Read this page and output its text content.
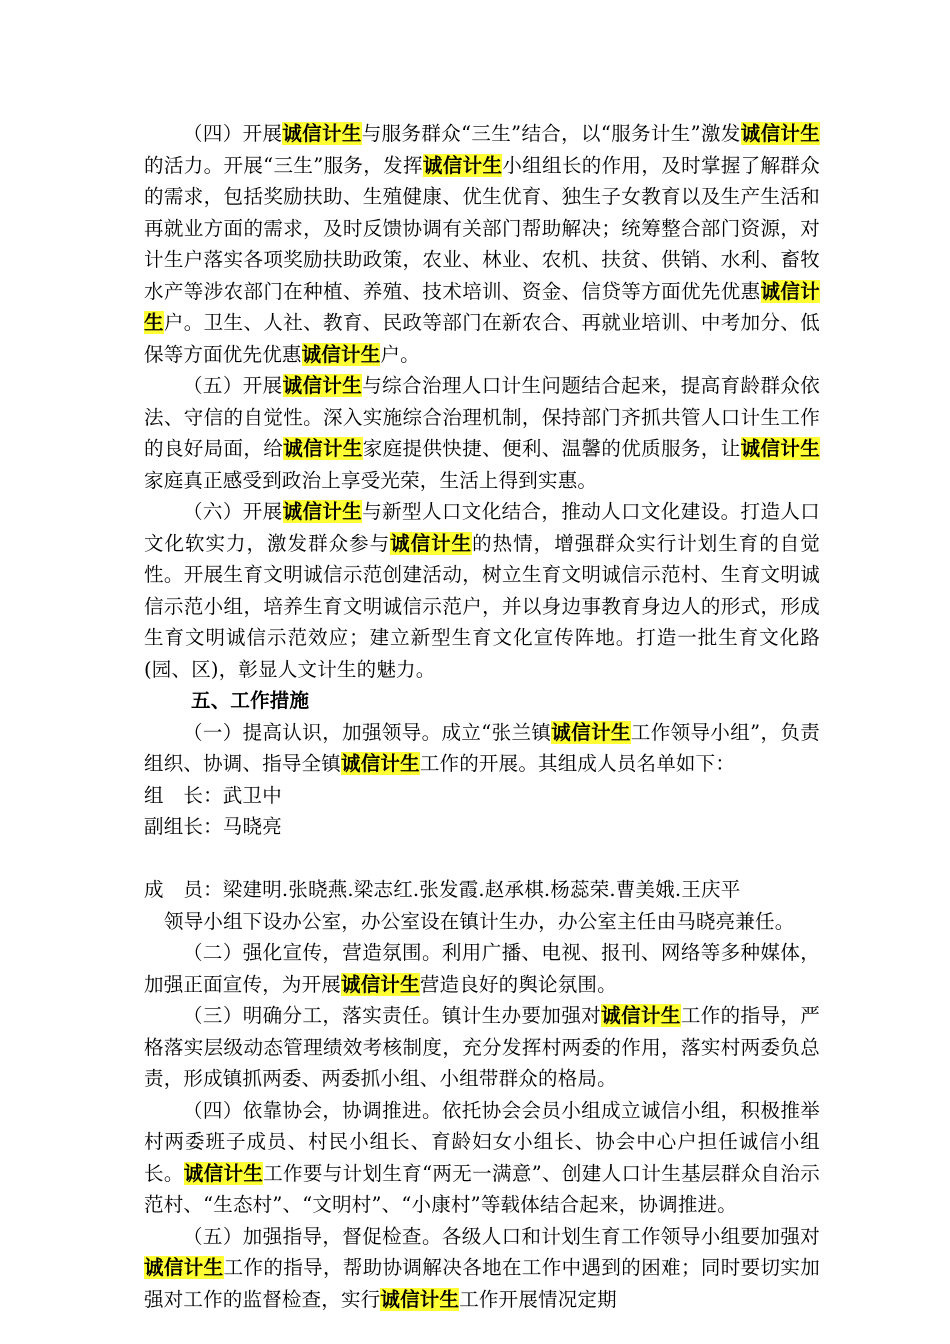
（四）开展诚信计生与服务群众“三生”结合，以“服务计生”激发诚信计生的活力。开展“三生”服务，发挥诚信计生小组组长的作用，及时掌握了解群众的需求，包括奖励扶助、生殖健康、优生优育、独生子女教育以及生产生活和再就业方面的需求，及时反馈协调有关部门帮助解决；统筹整合部门资源，对计生户落实各项奖励扶助政策，农业、林业、农机、扶贫、供销、水利、畜牧水产等涉农部门在种植、养殖、技术培训、资金、信贷等方面优先优惠诚信计生户。卫生、人社、教育、民政等部门在新农合、再就业培训、中考加分、低保等方面优先优惠诚信计生户。

（五）开展诚信计生与综合治理人口计生问题结合起来，提高育龄群众依法、守信的自觉性。深入实施综合治理机制，保持部门齐抓共管人口计生工作的良好局面，给诚信计生家庭提供快捷、便利、温馨的优质服务，让诚信计生家庭真正感受到政治上享受光荣，生活上得到实惠。

（六）开展诚信计生与新型人口文化结合，推动人口文化建设。打造人口文化软实力，激发群众参与诚信计生的热情，增强群众实行计划生育的自觉性。开展生育文明诚信示范创建活动，树立生育文明诚信示范村、生育文明诚信示范小组，培养生育文明诚信示范户，并以身边事教育身边人的形式，形成生育文明诚信示范效应；建立新型生育文化宣传阵地。打造一批生育文化路(园、区)，彰显人文计生的魅力。

五、工作措施

（一）提高认识，加强领导。成立“张兰镇诚信计生工作领导小组”，负责组织、协调、指导全镇诚信计生工作的开展。其组成人员名单如下：

组　长：武卫中

副组长：马晓亮

成　员：梁建明.张晓燕.梁志红.张发霞.赵承棋.杨蕊荣.曹美娥.王庆平

领导小组下设办公室，办公室设在镇计生办，办公室主任由马晓亮兼任。

（二）强化宣传，营造氛围。利用广播、电视、报刊、网络等多种媒体，加强正面宣传，为开展诚信计生营造良好的舆论氛围。

（三）明确分工，落实责任。镇计生办要加强对诚信计生工作的指导，严格落实层级动态管理绩效考核制度，充分发挥村两委的作用，落实村两委负总责，形成镇抓两委、两委抓小组、小组带群众的格局。

（四）依靠协会，协调推进。依托协会会员小组成立诚信小组，积极推举村两委班子成员、村民小组长、育龄妇女小组长、协会中心户担任诚信小组长。诚信计生工作要与计划生育“两无一满意”、创建人口计生基层群众自治示范村、“生态村”、“文明村”、“小康村”等载体结合起来，协调推进。

（五）加强指导，督促检查。各级人口和计划生育工作领导小组要加强对诚信计生工作的指导，帮助协调解决各地在工作中遇到的困难；同时要切实加强对工作的监督检查，实行诚信计生工作开展情况定期
